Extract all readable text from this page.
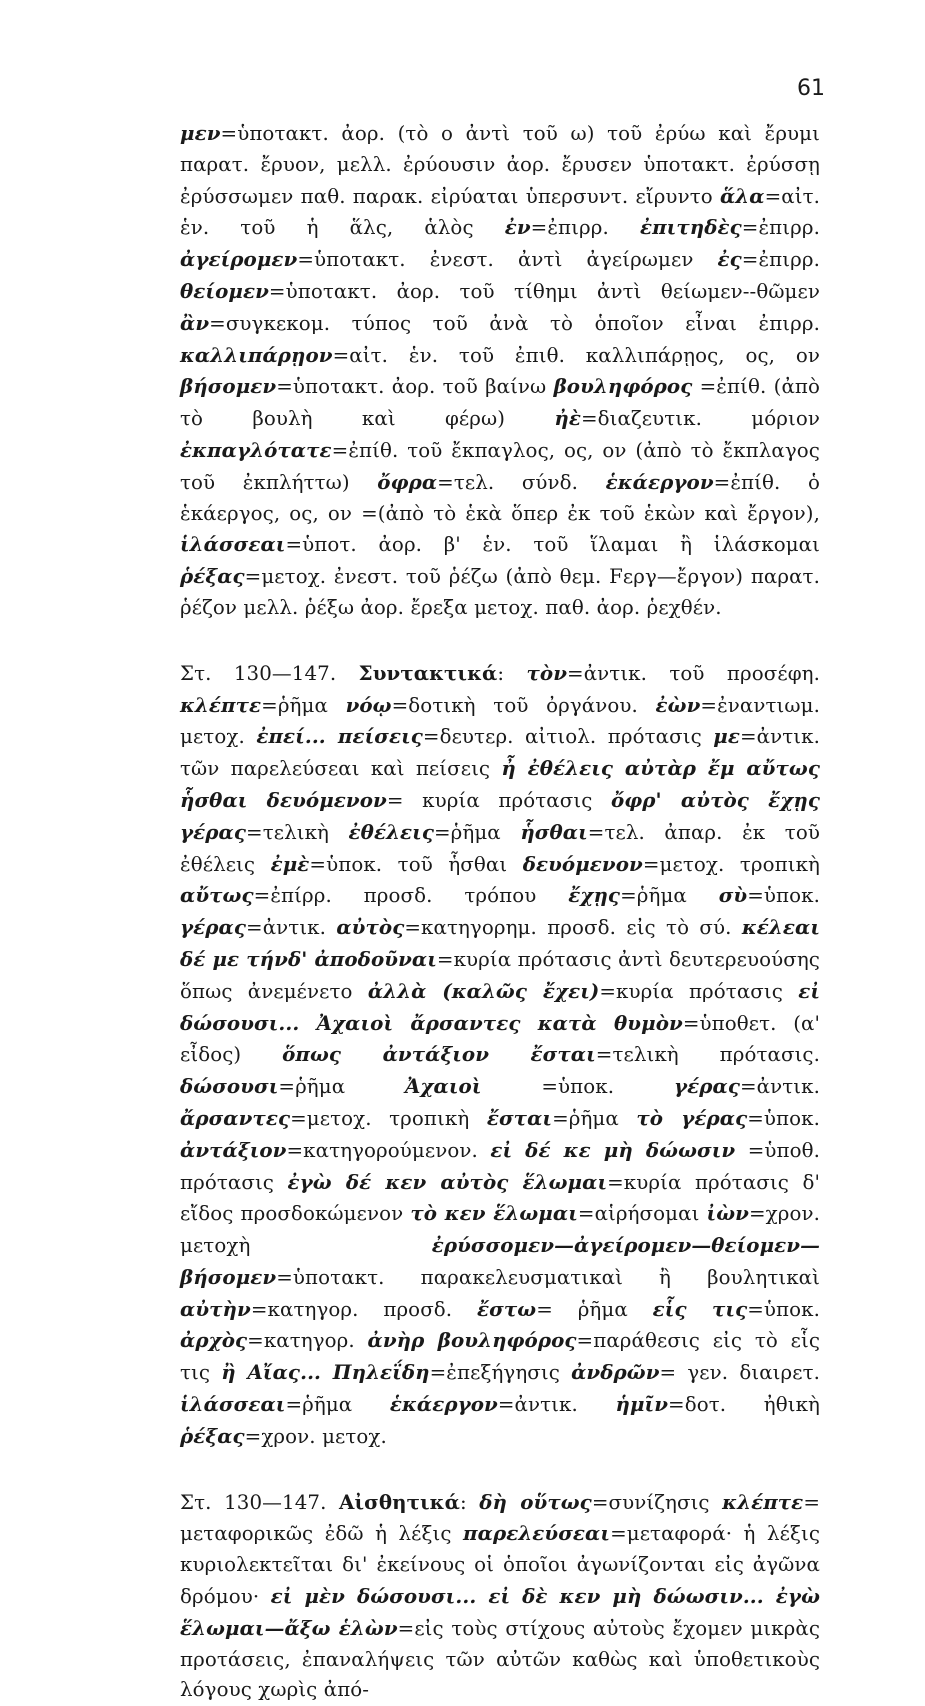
61

μεν=ὑποτακτ. ἀορ. (τὸ ο ἀντὶ τοῦ ω) τοῦ ἐρύω καὶ ἔρυμι παρατ. ἔρυον, μελλ. ἐρύουσιν ἀορ. ἔρυσεν ὑποτακτ. ἐρύσσῃ ἐρύσσωμεν παθ. παρακ. εἰρύαται ὑπερσυντ. εἴρυντο ἅλα=αἰτ. ἑν. τοῦ ἡ ἅλς, ἁλὸς ἐν=ἐπιρρ. ἐπιτηδὲς=ἐπιρρ. ἀγείρομεν=ὑποτακτ. ἐνεστ. ἀντὶ ἀγείρωμεν ἐς=ἐπιρρ. θείομεν=ὑποτακτ. ἀορ. τοῦ τίθημι ἀντὶ θείωμεν--θῶμεν ἂν=συγκεκομ. τύπος τοῦ ἀνὰ τὸ ὁποῖον εἶναι ἐπιρρ. καλλιπάρῃον=αἰτ. ἑν. τοῦ ἐπιθ. καλλιπάρῃος, ος, ον βήσομεν=ὑποτακτ. ἀορ. τοῦ βαίνω βουληφόρος =ἐπίθ. (ἀπὸ τὸ βουλὴ καὶ φέρω) ἠὲ=διαζευτικ. μόριον ἐκπαγλότατε=ἐπίθ. τοῦ ἔκπαγλος, ος, ον (ἀπὸ τὸ ἔκπλαγος τοῦ ἐκπλήττω) ὄφρα=τελ. σύνδ. ἑκάεργον=ἐπίθ. ὁ ἑκάεργος, ος, ον =(ἀπὸ τὸ ἑκὰ ὅπερ ἐκ τοῦ ἑκὼν καὶ ἔργον), ἱλάσσεαι=ὑποτ. ἀορ. β' ἑν. τοῦ ἵλαμαι ἢ ἱλάσκομαι ῥέξας=μετοχ. ἐνεστ. τοῦ ῥέζω (ἀπὸ θεμ. Fεργ—ἔργον) παρατ. ῥέζον μελλ. ῥέξω ἀορ. ἔρεξα μετοχ. παθ. ἀορ. ῥεχθέν.

Στ. 130—147. Συντακτικά: τὸν=ἀντικ. τοῦ προσέφη. κλέπτε=ῥῆμα νόῳ=δοτικὴ τοῦ ὀργάνου. ἐὼν=ἐναντιωμ. μετοχ. ἐπεί... πείσεις=δευτερ. αἰτιολ. πρότασις με=ἀντικ. τῶν παρελεύσεαι καὶ πείσεις ἦ ἐθέλεις αὐτὰρ ἔμ αὔτως ἧσθαι δευόμενον= κυρία πρότασις ὄφρ' αὐτὸς ἔχῃς γέρας=τελικὴ ἐθέλεις=ῥῆμα ἧσθαι=τελ. ἀπαρ. ἐκ τοῦ ἐθέλεις ἐμὲ=ὑποκ. τοῦ ἧσθαι δευόμενον=μετοχ. τροπικὴ αὔτως=ἐπίρρ. προσδ. τρόπου ἔχῃς=ῥῆμα σὺ=ὑποκ. γέρας=ἀντικ. αὐτὸς=κατηγορημ. προσδ. εἰς τὸ σύ. κέλεαι δέ με τήνδ' ἀποδοῦναι=κυρία πρότασις ἀντὶ δευτερευούσης ὅπως ἀνεμένετο ἀλλὰ (καλῶς ἔχει)=κυρία πρότασις εἰ δώσουσι... Ἀχαιοὶ ἄρσαντες κατὰ θυμὸν=ὑποθετ. (α' εἶδος) ὅπως ἀντάξιον ἔσται=τελικὴ πρότασις. δώσουσι=ῥῆμα Ἀχαιοὶ =ὑποκ. γέρας=ἀντικ. ἄρσαντες=μετοχ. τροπικὴ ἔσται=ῥῆμα τὸ γέρας=ὑποκ. ἀντάξιον=κατηγορούμενον. εἰ δέ κε μὴ δώωσιν =ὑποθ. πρότασις ἐγὼ δέ κεν αὐτὸς ἕλωμαι=κυρία πρότασις δ' εἴδος προσδοκώμενον τὸ κεν ἕλωμαι=αἱρήσομαι ἰὼν=χρον. μετοχὴ ἐρύσσομεν—ἀγείρομεν—θείομεν—βήσομεν=ὑποτακτ. παρακελευσματικαὶ ἢ βουλητικαὶ αὐτὴν=κατηγορ. προσδ. ἔστω= ῥῆμα εἷς τις=ὑποκ. ἀρχὸς=κατηγορ. ἀνὴρ βουληφόρος=παράθεσις εἰς τὸ εἷς τις ἢ Αἴας... Πηλεΐδη=ἐπεξήγησις ἀνδρῶν= γεν. διαιρετ. ἱλάσσεαι=ῥῆμα ἑκάεργον=ἀντικ. ἡμῖν=δοτ. ἠθικὴ ῥέξας=χρον. μετοχ.

Στ. 130—147. Αἰσθητικά: δὴ οὕτως=συνίζησις κλέπτε= μεταφορικῶς ἐδῶ ἡ λέξις παρελεύσεαι=μεταφορά· ἡ λέξις κυριολεκτεῖται δι' ἐκείνους οἱ ὁποῖοι ἀγωνίζονται εἰς ἀγῶνα δρόμου· εἰ μὲν δώσουσι... εἰ δὲ κεν μὴ δώωσιν... ἐγὼ ἕλωμαι—ἄξω ἑλὼν=εἰς τοὺς στίχους αὐτοὺς ἔχομεν μικρὰς προτάσεις, ἐπαναλήψεις τῶν αὐτῶν καθὼς καὶ ὑποθετικοὺς λόγους χωρὶς ἀπό-
